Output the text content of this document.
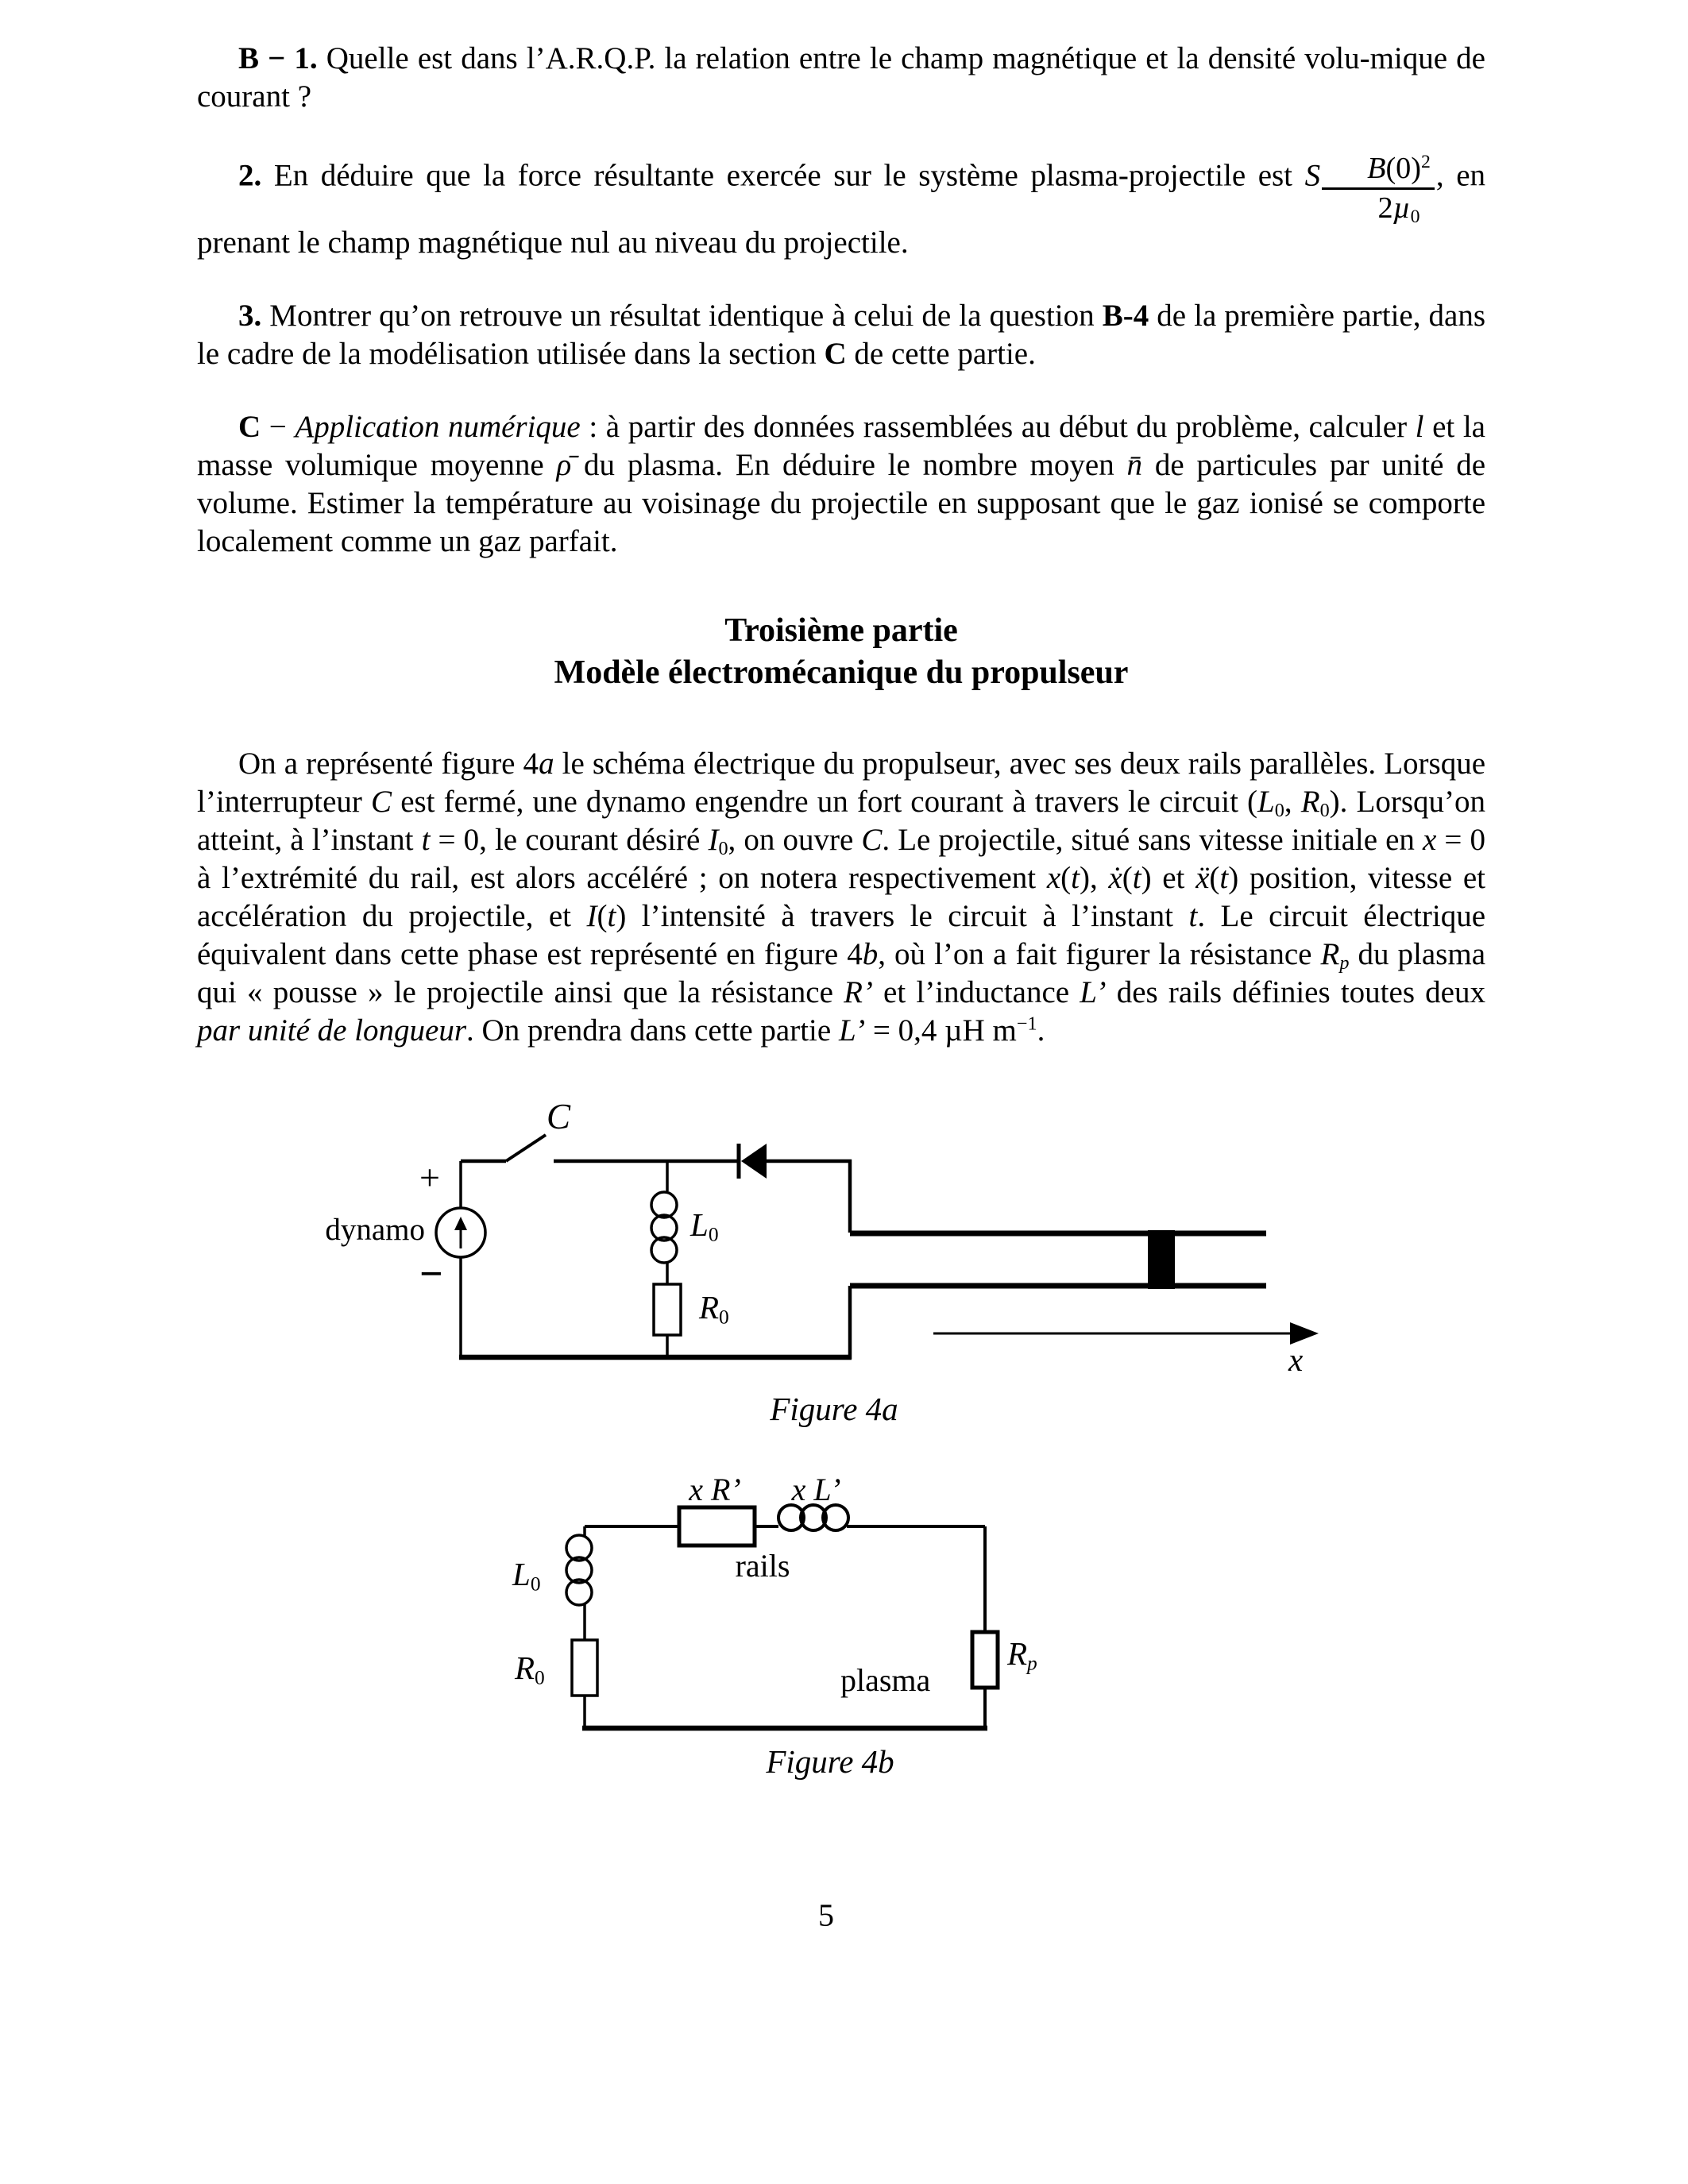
B − 1. Quelle est dans l’A.R.Q.P. la relation entre le champ magnétique et la densité volu-mique de courant ?

2. En déduire que la force résultante exercée sur le système plasma-projectile est S $\frac{B(0)^2}{2\mu_0}$ , en prenant le champ magnétique nul au niveau du projectile.

3. Montrer qu’on retrouve un résultat identique à celui de la question B-4 de la première partie, dans le cadre de la modélisation utilisée dans la section C de cette partie.

C − Application numérique : à partir des données rassemblées au début du problème, calculer l et la masse volumique moyenne ρ̄ du plasma. En déduire le nombre moyen n̄ de particules par unité de volume. Estimer la température au voisinage du projectile en supposant que le gaz ionisé se comporte localement comme un gaz parfait.

Troisième partie
Modèle électromécanique du propulseur

On a représenté figure 4a le schéma électrique du propulseur, avec ses deux rails parallèles. Lorsque l’interrupteur C est fermé, une dynamo engendre un fort courant à travers le circuit ($L_0$, $R_0$). Lorsqu’on atteint, à l’instant t = 0, le courant désiré $I_0$, on ouvre C. Le projectile, situé sans vitesse initiale en x = 0 à l’extrémité du rail, est alors accéléré ; on notera respectivement x(t), ẋ(t) et ẍ(t) position, vitesse et accélération du projectile, et I(t) l’intensité à travers le circuit à l’instant t. Le circuit électrique équivalent dans cette phase est représenté en figure 4b, où l’on a fait figurer la résistance $R_p$ du plasma qui « pousse » le projectile ainsi que la résistance R’ et l’inductance L’ des rails définies toutes deux par unité de longueur. On prendra dans cette partie L’ = 0,4 µH $m^{-1}$.

C
+
dynamo
−
$L_0$
$R_0$
x
Figure 4a
x R’	x L’
rails
$L_0$
$R_0$
$R_p$
plasma
Figure 4b
5
